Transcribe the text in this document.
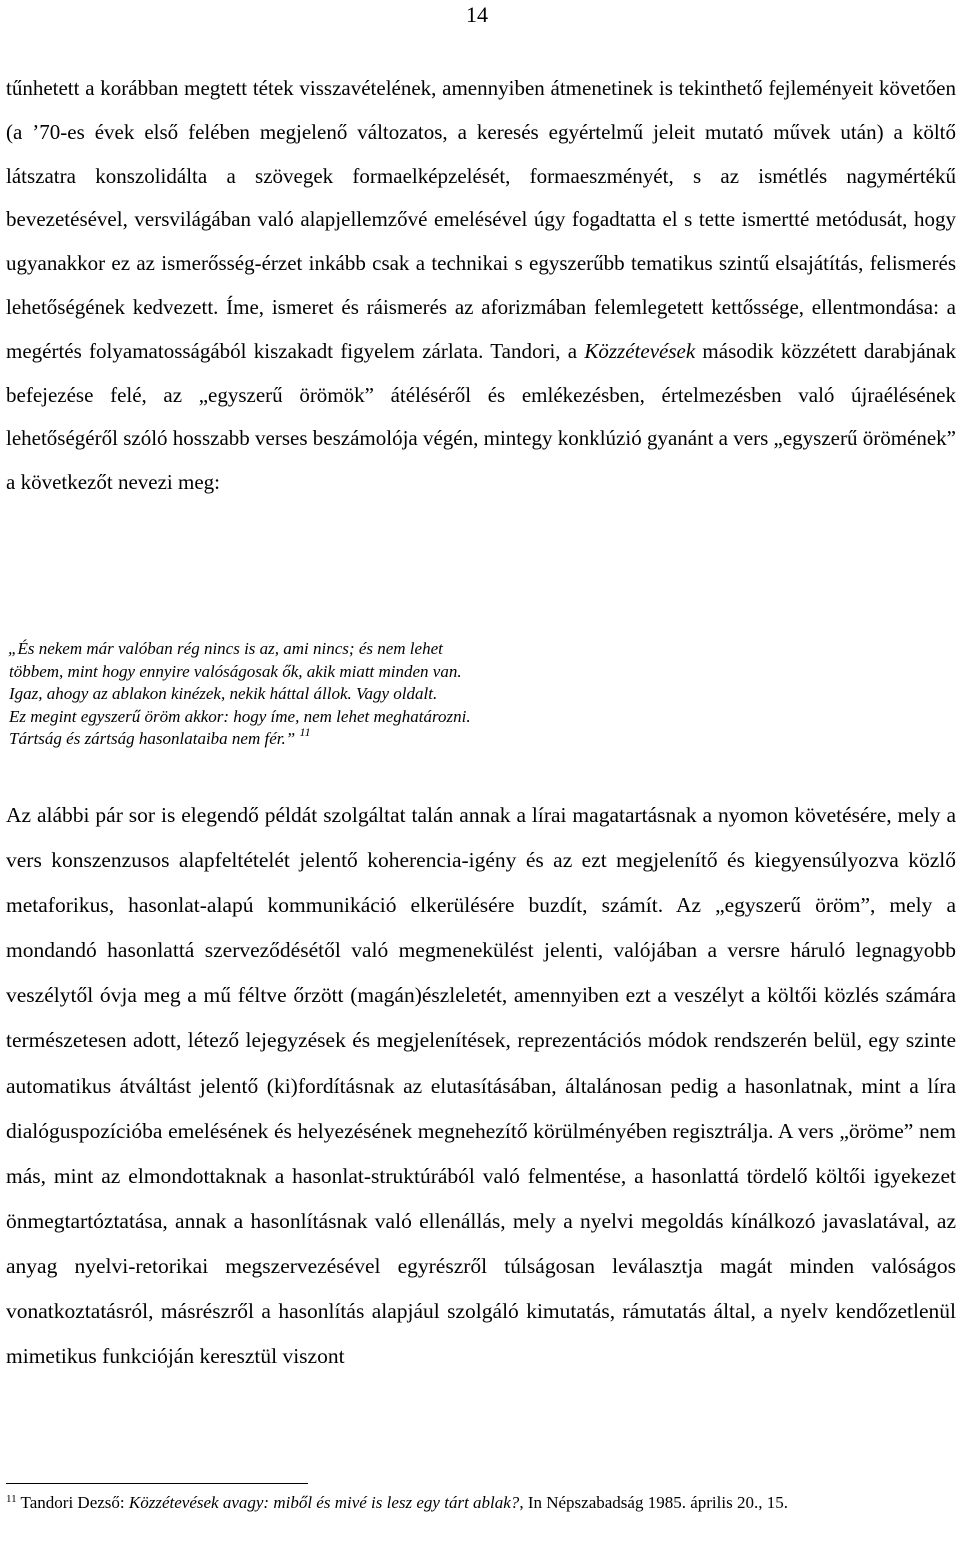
14

tűnhetett a korábban megtett tétek visszavételének, amennyiben átmenetinek is tekinthető fejleményeit követően (a ’70-es évek első felében megjelenő változatos, a keresés egyértelmű jeleit mutató művek után) a költő látszatra konszolidálta a szövegek formaelképzelését, formaeszményét, s az ismétlés nagymértékű bevezetésével, versvilágában való alapjellemzővé emelésével úgy fogadtatta el s tette ismertté metódusát, hogy ugyanakkor ez az ismerősség-érzet inkább csak a technikai s egyszerűbb tematikus szintű elsajátítás, felismerés lehetőségének kedvezett. Íme, ismeret és ráismerés az aforizmában felemlegetett kettőssége, ellentmondása: a megértés folyamatosságából kiszakadt figyelem zárlata. Tandori, a Közzétevések második közzétett darabjának befejezése felé, az „egyszerű örömök” átéléséről és emlékezésben, értelmezésben való újraélésének lehetőségéről szóló hosszabb verses beszámolója végén, mintegy konklúzió gyanánt a vers „egyszerű örömének” a következőt nevezi meg:

„És nekem már valóban rég nincs is az, ami nincs; és nem lehet
többem, mint hogy ennyire valóságosak ők, akik miatt minden van.
Igaz, ahogy az ablakon kinézek, nekik háttal állok. Vagy oldalt.
Ez megint egyszerű öröm akkor: hogy íme, nem lehet meghatározni.
Tártság és zártság hasonlataiba nem fér.” $^{11}$

Az alábbi pár sor is elegendő példát szolgáltat talán annak a lírai magatartásnak a nyomon követésére, mely a vers konszenzusos alapfeltételét jelentő koherencia-igény és az ezt megjelenítő és kiegyensúlyozva közlő metaforikus, hasonlat-alapú kommunikáció elkerülésére buzdít, számít. Az „egyszerű öröm”, mely a mondandó hasonlattá szerveződésétől való megmenekülést jelenti, valójában a versre háruló legnagyobb veszélytől óvja meg a mű féltve őrzött (magán)észleletét, amennyiben ezt a veszélyt a költői közlés számára természetesen adott, létező lejegyzések és megjelenítések, reprezentációs módok rendszerén belül, egy szinte automatikus átváltást jelentő (ki)fordításnak az elutasításában, általánosan pedig a hasonlatnak, mint a líra dialóguspozícióba emelésének és helyezésének megnehezítő körülményében regisztrálja. A vers „öröme” nem más, mint az elmondottaknak a hasonlat-struktúrából való felmentése, a hasonlattá tördelő költői igyekezet önmegtartóztatása, annak a hasonlításnak való ellenállás, mely a nyelvi megoldás kínálkozó javaslatával, az anyag nyelvi-retorikai megszervezésével egyrészről túlságosan leválasztja magát minden valóságos vonatkoztatásról, másrészről a hasonlítás alapjául szolgáló kimutatás, rámutatás által, a nyelv kendőzetlenül mimetikus funkcióján keresztül viszont

$^{11}$ Tandori Dezső: Közzétevések avagy: miből és mivé is lesz egy tárt ablak?, In Népszabadság 1985. április 20., 15.
